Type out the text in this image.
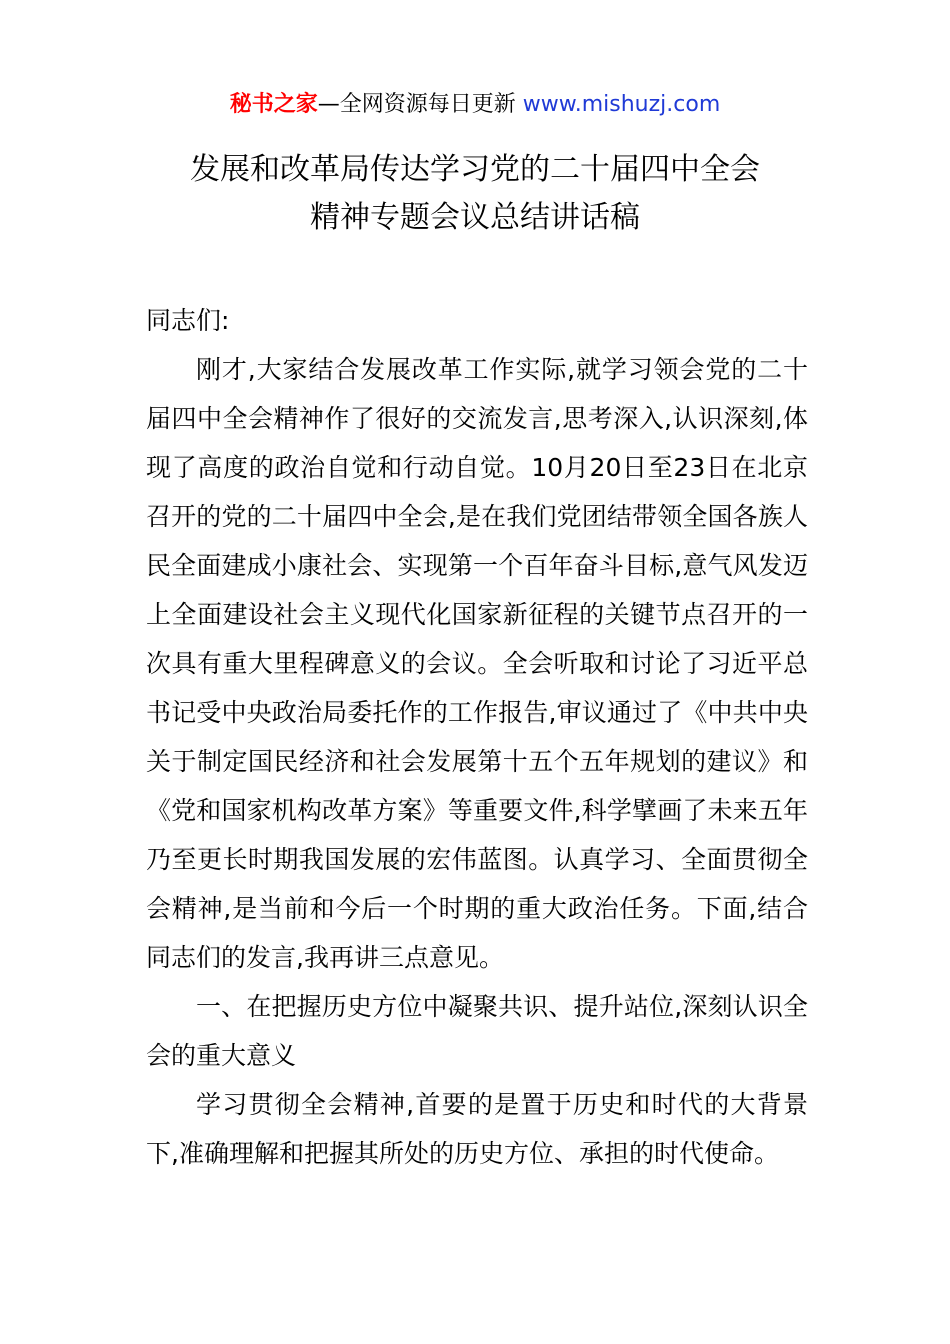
秘书之家—全网资源每日更新 www.mishuzj.com
发展和改革局传达学习党的二十届四中全会
精神专题会议总结讲话稿

同志们:

刚才,大家结合发展改革工作实际,就学习领会党的二十届四中全会精神作了很好的交流发言,思考深入,认识深刻,体现了高度的政治自觉和行动自觉。10月20日至23日在北京召开的党的二十届四中全会,是在我们党团结带领全国各族人民全面建成小康社会、实现第一个百年奋斗目标,意气风发迈上全面建设社会主义现代化国家新征程的关键节点召开的一次具有重大里程碑意义的会议。全会听取和讨论了习近平总书记受中央政治局委托作的工作报告,审议通过了《中共中央关于制定国民经济和社会发展第十五个五年规划的建议》和《党和国家机构改革方案》等重要文件,科学擘画了未来五年乃至更长时期我国发展的宏伟蓝图。认真学习、全面贯彻全会精神,是当前和今后一个时期的重大政治任务。下面,结合同志们的发言,我再讲三点意见。

一、在把握历史方位中凝聚共识、提升站位,深刻认识全会的重大意义

学习贯彻全会精神,首要的是置于历史和时代的大背景下,准确理解和把握其所处的历史方位、承担的时代使命。
